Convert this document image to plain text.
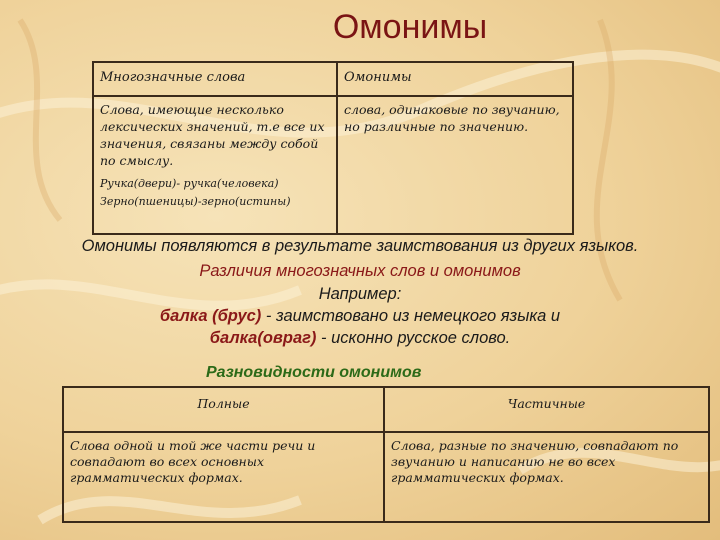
Омонимы
Многозначные слова	Омонимы
Слова, имеющие несколько лексических значений, т.е все их значения, связаны между собой по смыслу.
Ручка(двери)- ручка(человека)
Зерно(пшеницы)-зерно(истины)	слова, одинаковые по звучанию, но различные по значению.
Омонимы появляются в результате заимствования из других языков.
Различия многозначных слов и омонимов
Например:
балка (брус) - заимствовано из немецкого языка и
балка(овраг) - исконно русское слово.
Разновидности омонимов
Полные	Частичные
Слова одной и той же части речи и совпадают во всех основных грамматических формах.	Слова, разные по значению, совпадают по звучанию и написанию не во всех грамматических формах.
